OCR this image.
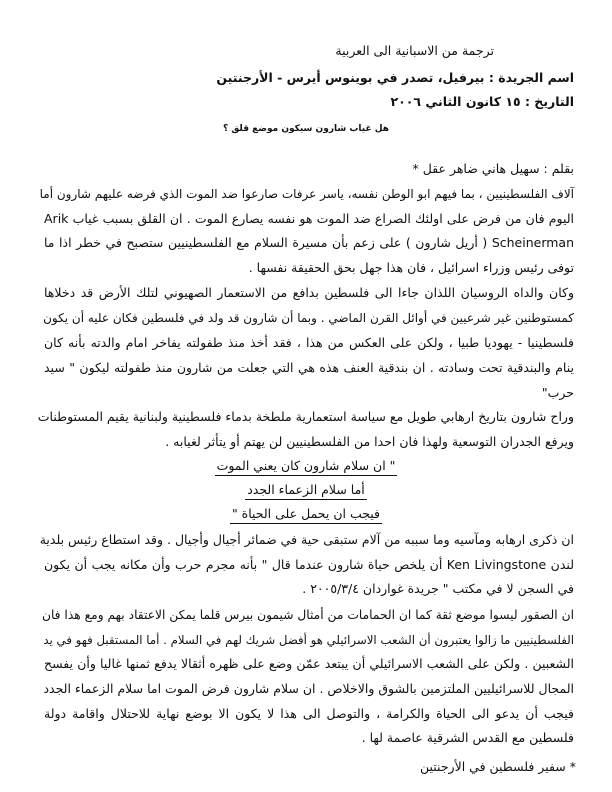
ترجمة من الاسبانية الى العربية
اسم الجريدة : بيرفيل، تصدر في بوينوس أيرس - الأرجنتين
التاريخ : ١٥ كانون الثاني ٢٠٠٦
هل غياب شارون سيكون موضع قلق ؟
بقلم : سهيل هاني ضاهر عقل *
آلاف الفلسطينيين ، بما فيهم ابو الوطن نفسه، ياسر عرفات صارعوا ضد الموت الذي فرضه عليهم شارون أما
اليوم فان من فرض على اولئك الصراع ضد الموت هو نفسه يصارع الموت . ان القلق بسبب غياب Arik
Scheinerman ( أريل شارون ) على زعم بأن مسيرة السلام مع الفلسطينيين ستصبح في خطر اذا ما
توفى رئيس وزراء اسرائيل ، فان هذا جهل بحق الحقيقة نفسها .
وكان والداه الروسيان اللذان جاءا الى فلسطين بدافع من الاستعمار الصهيوني لتلك الأرض قد دخلاها
كمستوطنين غير شرعيين في أوائل القرن الماضي . وبما أن شارون قد ولد في فلسطين فكان عليه أن يكون
فلسطينيا - يهوديا طبيا ، ولكن على العكس من هذا ، فقد أخذ منذ طفولته يفاخر امام والدته بأنه كان
ينام والبندقية تحت وسادته . ان بندقية العنف هذه هي التي جعلت من شارون منذ طفولته ليكون " سيد
حرب"
وراح شارون بتاريخ ارهابي طويل مع سياسة استعمارية ملطخة بدماء فلسطينية ولبنانية يقيم المستوطنات
ويرفع الجدران التوسعية ولهذا فان احدا من الفلسطينيين لن يهتم أو يتأثر لغيابه .
" ان سلام شارون كان يعني الموت
أما سلام الزعماء الجدد
فيجب ان يحمل على الحياة "
ان ذكرى ارهابه ومآسيه وما سببه من آلام ستبقى حية في ضمائر أجيال وأجيال . وقد استطاع رئيس بلدية
لندن Ken Livingstone أن يلخص حياة شارون عندما قال " بأنه مجرم حرب وأن مكانه يجب أن يكون
في السجن لا في مكتب " جريدة غواردان ٢٠٠٥/٣/٤ .
ان الصقور ليسوا موضع ثقة كما ان الحمامات من أمثال شيمون بيرس قلما يمكن الاعتقاد بهم ومع هذا فان
الفلسطينيين ما زالوا يعتبرون أن الشعب الاسرائيلي هو أفضل شريك لهم في السلام . أما المستقبل فهو في يد
الشعبين . ولكن على الشعب الاسرائيلي أن يبتعد عمّن وضع على ظهره أثقالا يدفع ثمنها غاليا وأن يفسح
المجال للاسرائيليين الملتزمين بالشوق والاخلاص . ان سلام شارون فرض الموت اما سلام الزعماء الجدد
فيجب أن يدعو الى الحياة والكرامة ، والتوصل الى هذا لا يكون الا بوضع نهاية للاحتلال واقامة دولة
فلسطين مع القدس الشرقية عاصمة لها .
* سفير فلسطين في الأرجنتين
